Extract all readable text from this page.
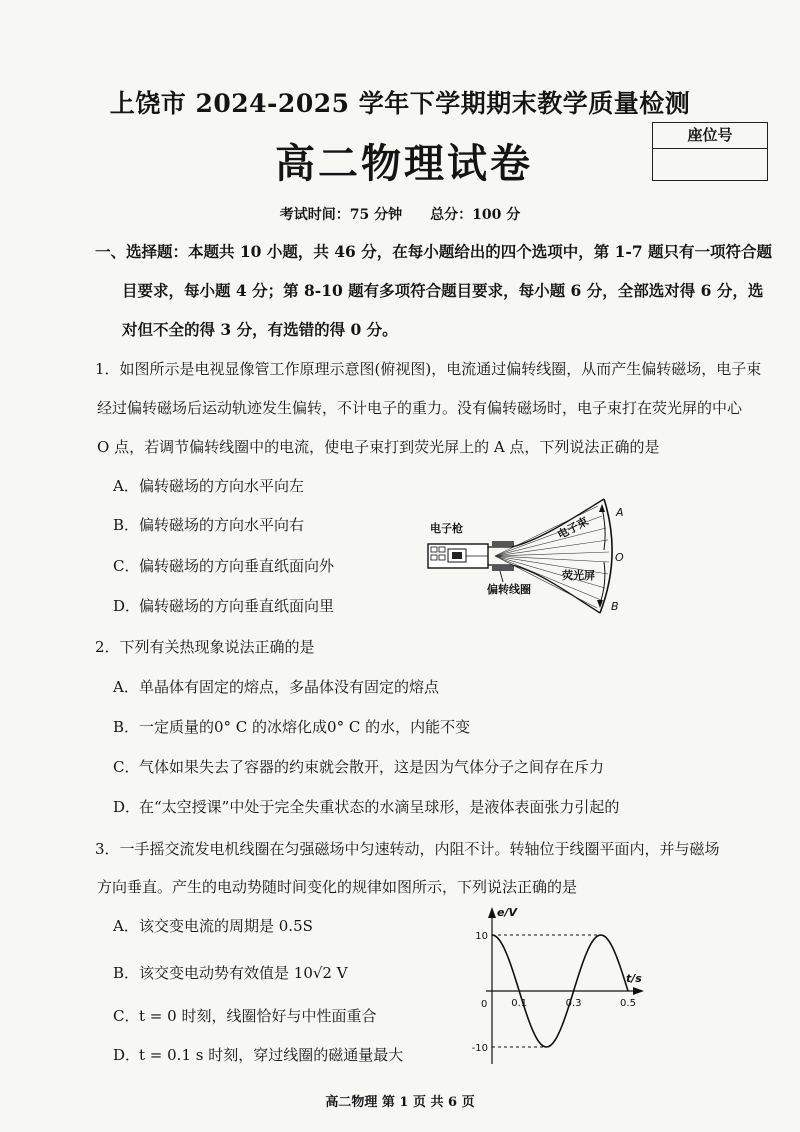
上饶市 2024-2025 学年下学期期末教学质量检测
高二物理试卷
座位号
考试时间：75 分钟 总分：100 分
一、选择题：本题共 10 小题，共 46 分，在每小题给出的四个选项中，第 1-7 题只有一项符合题
目要求，每小题 4 分；第 8-10 题有多项符合题目要求，每小题 6 分，全部选对得 6 分，选
对但不全的得 3 分，有选错的得 0 分。
1．如图所示是电视显像管工作原理示意图(俯视图)，电流通过偏转线圈，从而产生偏转磁场，电子束
经过偏转磁场后运动轨迹发生偏转，不计电子的重力。没有偏转磁场时，电子束打在荧光屏的中心
O 点，若调节偏转线圈中的电流，使电子束打到荧光屏上的 A 点，下列说法正确的是
A．偏转磁场的方向水平向左
B．偏转磁场的方向水平向右
C．偏转磁场的方向垂直纸面向外
D．偏转磁场的方向垂直纸面向里
电子枪	电子束
荧光屏
偏转线圈
A
O
B
2．下列有关热现象说法正确的是
A．单晶体有固定的熔点，多晶体没有固定的熔点
B．一定质量的0° C 的冰熔化成0° C 的水，内能不变
C．气体如果失去了容器的约束就会散开，这是因为气体分子之间存在斥力
D．在“太空授课”中处于完全失重状态的水滴呈球形，是液体表面张力引起的
3．一手摇交流发电机线圈在匀强磁场中匀速转动，内阻不计。转轴位于线圈平面内，并与磁场
方向垂直。产生的电动势随时间变化的规律如图所示，下列说法正确的是
A．该交变电流的周期是 0.5S
B．该交变电动势有效值是 10√2 V
C．t = 0 时刻，线圈恰好与中性面重合
D．t = 0.1 s 时刻，穿过线圈的磁通量最大
e/V
t/s
0
10
-10
0.1	0.3	0.5
高二物理 第 1 页 共 6 页
